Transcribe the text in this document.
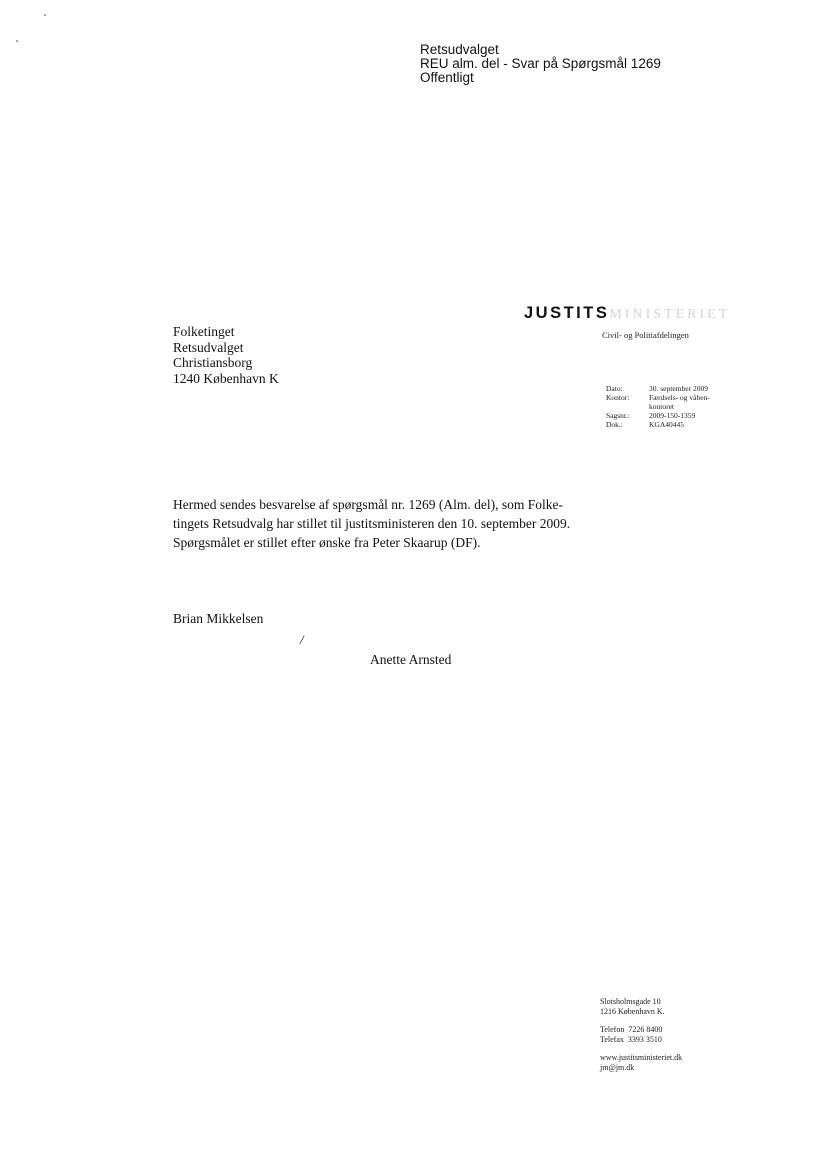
Retsudvalget
REU alm. del - Svar på Spørgsmål 1269
Offentligt
JUSTITSMINISTERIET
Civil- og Politiafdelingen
Folketinget
Retsudvalget
Christiansborg
1240 København K
Dato:	30. september 2009
Kontor:	Færdsels- og våben-
kontoret
Sagsnr.:	2009-150-1359
Dok.:	KGA40445
Hermed sendes besvarelse af spørgsmål nr. 1269 (Alm. del), som Folke-
tingets Retsudvalg har stillet til justitsministeren den 10. september 2009.
Spørgsmålet er stillet efter ønske fra Peter Skaarup (DF).
Brian Mikkelsen
/
Anette Arnsted
Slotsholmsgade 10
1216 København K.
Telefon  7226 8400
Telefax  3393 3510
www.justitsministeriet.dk
jm@jm.dk
